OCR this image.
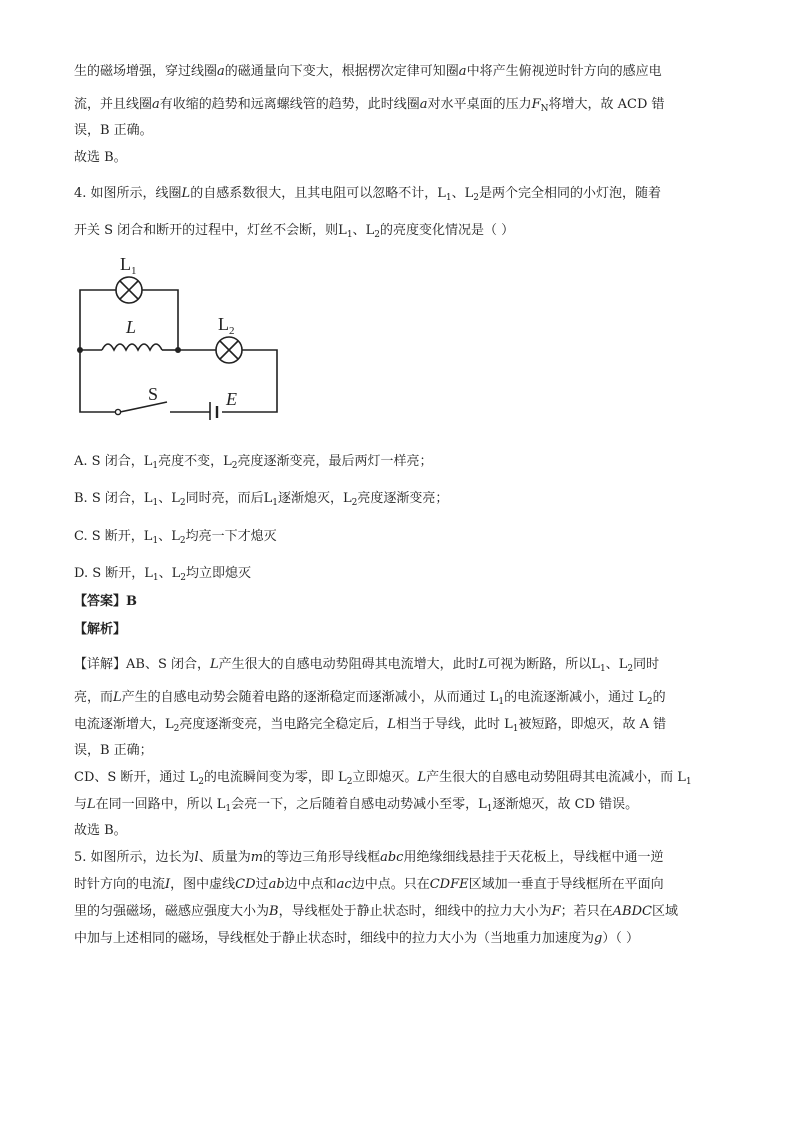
生的磁场增强，穿过线圈a的磁通量向下变大，根据楞次定律可知圈a中将产生俯视逆时针方向的感应电
流，并且线圈a有收缩的趋势和远离螺线管的趋势，此时线圈a对水平桌面的压力$F_N$将增大，故 ACD 错
误，B 正确。
故选 B。
4. 如图所示，线圈L的自感系数很大，且其电阻可以忽略不计，$L_1$、$L_2$是两个完全相同的小灯泡，随着
开关 S 闭合和断开的过程中，灯丝不会断，则$L_1$、$L_2$的亮度变化情况是（ ）
$L_1$
$L_2$
L
S	E
A. S 闭合，$L_1$亮度不变，$L_2$亮度逐渐变亮，最后两灯一样亮；
B. S 闭合，$L_1$、$L_2$同时亮，而后$L_1$逐渐熄灭，$L_2$亮度逐渐变亮；
C. S 断开，$L_1$、$L_2$均亮一下才熄灭
D. S 断开，$L_1$、$L_2$均立即熄灭
【答案】B
【解析】
【详解】AB、S 闭合，L产生很大的自感电动势阻碍其电流增大，此时L可视为断路，所以$L_1$、$L_2$同时
亮，而L产生的自感电动势会随着电路的逐渐稳定而逐渐减小，从而通过 $L_1$的电流逐渐减小，通过 $L_2$的
电流逐渐增大，$L_2$亮度逐渐变亮，当电路完全稳定后，L相当于导线，此时 $L_1$被短路，即熄灭，故 A 错
误，B 正确；
CD、S 断开，通过 $L_2$的电流瞬间变为零，即 $L_2$立即熄灭。L产生很大的自感电动势阻碍其电流减小，而 $L_1$
与L在同一回路中，所以 $L_1$会亮一下，之后随着自感电动势减小至零，$L_1$逐渐熄灭，故 CD 错误。
故选 B。
5. 如图所示，边长为l、质量为m的等边三角形导线框abc用绝缘细线悬挂于天花板上，导线框中通一逆
时针方向的电流I，图中虚线CD过ab边中点和ac边中点。只在CDFE区域加一垂直于导线框所在平面向
里的匀强磁场，磁感应强度大小为B，导线框处于静止状态时，细线中的拉力大小为F；若只在ABDC区域
中加与上述相同的磁场，导线框处于静止状态时，细线中的拉力大小为（当地重力加速度为g）（ ）
